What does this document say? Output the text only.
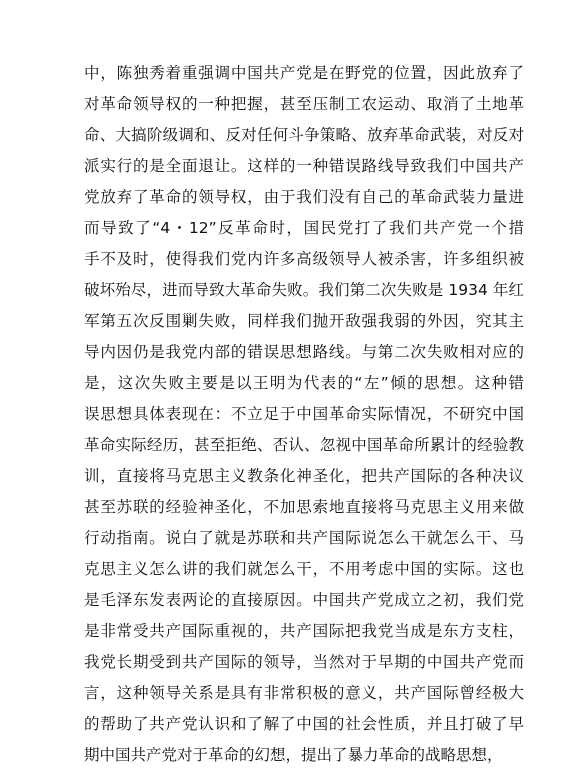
中，陈独秀着重强调中国共产党是在野党的位置，因此放弃了
对革命领导权的一种把握，甚至压制工农运动、取消了土地革
命、大搞阶级调和、反对任何斗争策略、放弃革命武装，对反对
派实行的是全面退让。这样的一种错误路线导致我们中国共产
党放弃了革命的领导权，由于我们没有自己的革命武装力量进
而导致了“4・12”反革命时，国民党打了我们共产党一个措
手不及时，使得我们党内许多高级领导人被杀害，许多组织被
破坏殆尽，进而导致大革命失败。我们第二次失败是 1934 年红
军第五次反围剿失败，同样我们抛开敌强我弱的外因，究其主
导内因仍是我党内部的错误思想路线。与第二次失败相对应的
是，这次失败主要是以王明为代表的“左”倾的思想。这种错
误思想具体表现在：不立足于中国革命实际情况，不研究中国
革命实际经历，甚至拒绝、否认、忽视中国革命所累计的经验教
训，直接将马克思主义教条化神圣化，把共产国际的各种决议
甚至苏联的经验神圣化，不加思索地直接将马克思主义用来做
行动指南。说白了就是苏联和共产国际说怎么干就怎么干、马
克思主义怎么讲的我们就怎么干，不用考虑中国的实际。这也
是毛泽东发表两论的直接原因。中国共产党成立之初，我们党
是非常受共产国际重视的，共产国际把我党当成是东方支柱，
我党长期受到共产国际的领导，当然对于早期的中国共产党而
言，这种领导关系是具有非常积极的意义，共产国际曾经极大
的帮助了共产党认识和了解了中国的社会性质，并且打破了早
期中国共产党对于革命的幻想，提出了暴力革命的战略思想，
